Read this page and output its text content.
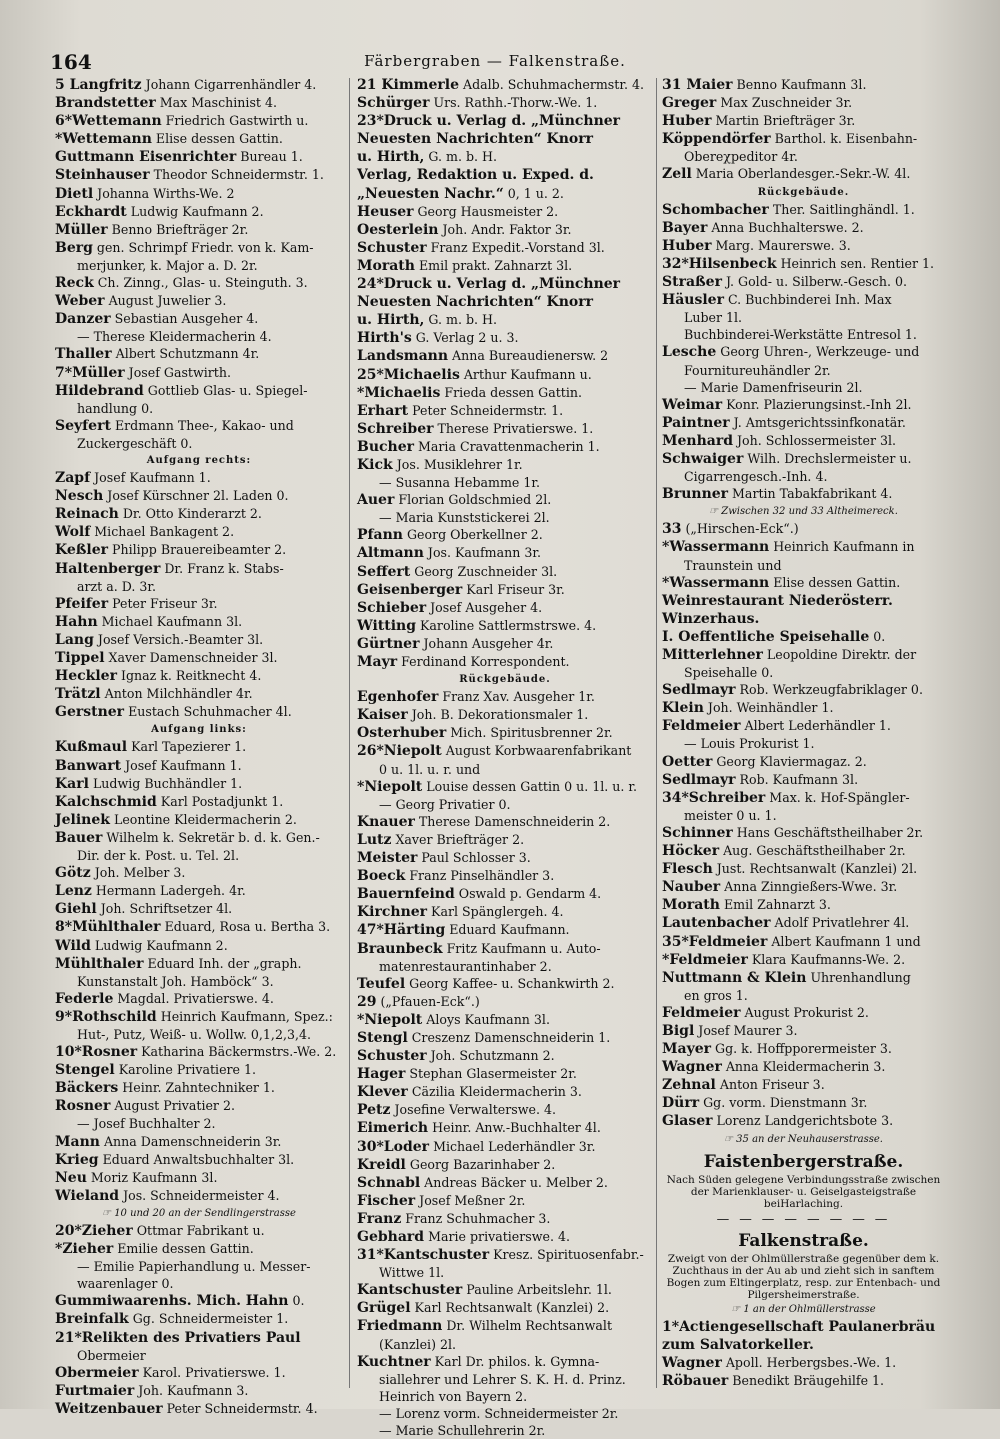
164	Färbergraben — Falkenstraße.
5 Langfritz Johann Cigarrenhändler 4.
Brandstetter Max Maschinist 4.
6*Wettemann Friedrich Gastwirth u.
*Wettemann Elise dessen Gattin.
Guttmann Eisenrichter Bureau 1.
Steinhauser Theodor Schneidermstr. 1.
Dietl Johanna Wirths-We. 2
Eckhardt Ludwig Kaufmann 2.
Müller Benno Briefträger 2r.
Berg gen. Schrimpf Friedr. von k. Kam-
merjunker, k. Major a. D. 2r.
Reck Ch. Zinng., Glas- u. Steinguth. 3.
Weber August Juwelier 3.
Danzer Sebastian Ausgeher 4.
— Therese Kleidermacherin 4.
Thaller Albert Schutzmann 4r.
7*Müller Josef Gastwirth.
Hildebrand Gottlieb Glas- u. Spiegel-
handlung 0.
Seyfert Erdmann Thee-, Kakao- und
Zuckergeschäft 0.
Aufgang rechts:
Zapf Josef Kaufmann 1.
Nesch Josef Kürschner 2l. Laden 0.
Reinach Dr. Otto Kinderarzt 2.
Wolf Michael Bankagent 2.
Keßler Philipp Brauereibeamter 2.
Haltenberger Dr. Franz k. Stabs-
arzt a. D. 3r.
Pfeifer Peter Friseur 3r.
Hahn Michael Kaufmann 3l.
Lang Josef Versich.-Beamter 3l.
Tippel Xaver Damenschneider 3l.
Heckler Ignaz k. Reitknecht 4.
Trätzl Anton Milchhändler 4r.
Gerstner Eustach Schuhmacher 4l.
Aufgang links:
Kußmaul Karl Tapezierer 1.
Banwart Josef Kaufmann 1.
Karl Ludwig Buchhändler 1.
Kalchschmid Karl Postadjunkt 1.
Jelinek Leontine Kleidermacherin 2.
Bauer Wilhelm k. Sekretär b. d. k. Gen.-
Dir. der k. Post. u. Tel. 2l.
Götz Joh. Melber 3.
Lenz Hermann Ladergeh. 4r.
Giehl Joh. Schriftsetzer 4l.
8*Mühlthaler Eduard, Rosa u. Bertha 3.
Wild Ludwig Kaufmann 2.
Mühlthaler Eduard Inh. der „graph.
Kunstanstalt Joh. Hamböck“ 3.
Federle Magdal. Privatierswe. 4.
9*Rothschild Heinrich Kaufmann, Spez.:
Hut-, Putz, Weiß- u. Wollw. 0,1,2,3,4.
10*Rosner Katharina Bäckermstrs.-We. 2.
Stengel Karoline Privatiere 1.
Bäckers Heinr. Zahntechniker 1.
Rosner August Privatier 2.
— Josef Buchhalter 2.
Mann Anna Damenschneiderin 3r.
Krieg Eduard Anwaltsbuchhalter 3l.
Neu Moriz Kaufmann 3l.
Wieland Jos. Schneidermeister 4.
☞ 10 und 20 an der Sendlingerstrasse
20*Zieher Ottmar Fabrikant u.
*Zieher Emilie dessen Gattin.
— Emilie Papierhandlung u. Messer-
waarenlager 0.
Gummiwaarenhs. Mich. Hahn 0.
Breinfalk Gg. Schneidermeister 1.
21*Relikten des Privatiers Paul
Obermeier
Obermeier Karol. Privatierswe. 1.
Furtmaier Joh. Kaufmann 3.
Weitzenbauer Peter Schneidermstr. 4.
21 Kimmerle Adalb. Schuhmachermstr. 4.
Schürger Urs. Rathh.-Thorw.-We. 1.
23*Druck u. Verlag d. „Münchner
Neuesten Nachrichten“ Knorr
u. Hirth, G. m. b. H.
Verlag, Redaktion u. Exped. d.
„Neuesten Nachr.“ 0, 1 u. 2.
Heuser Georg Hausmeister 2.
Oesterlein Joh. Andr. Faktor 3r.
Schuster Franz Expedit.-Vorstand 3l.
Morath Emil prakt. Zahnarzt 3l.
24*Druck u. Verlag d. „Münchner
Neuesten Nachrichten“ Knorr
u. Hirth, G. m. b. H.
Hirth's G. Verlag 2 u. 3.
Landsmann Anna Bureaudienersw. 2
25*Michaelis Arthur Kaufmann u.
*Michaelis Frieda dessen Gattin.
Erhart Peter Schneidermstr. 1.
Schreiber Therese Privatierswe. 1.
Bucher Maria Cravattenmacherin 1.
Kick Jos. Musiklehrer 1r.
— Susanna Hebamme 1r.
Auer Florian Goldschmied 2l.
— Maria Kunststickerei 2l.
Pfann Georg Oberkellner 2.
Altmann Jos. Kaufmann 3r.
Seffert Georg Zuschneider 3l.
Geisenberger Karl Friseur 3r.
Schieber Josef Ausgeher 4.
Witting Karoline Sattlermstrswe. 4.
Gürtner Johann Ausgeher 4r.
Mayr Ferdinand Korrespondent.
Rückgebäude.
Egenhofer Franz Xav. Ausgeher 1r.
Kaiser Joh. B. Dekorationsmaler 1.
Osterhuber Mich. Spiritusbrenner 2r.
26*Niepolt August Korbwaarenfabrikant
0 u. 1l. u. r. und
*Niepolt Louise dessen Gattin 0 u. 1l. u. r.
— Georg Privatier 0.
Knauer Therese Damenschneiderin 2.
Lutz Xaver Briefträger 2.
Meister Paul Schlosser 3.
Boeck Franz Pinselhändler 3.
Bauernfeind Oswald p. Gendarm 4.
Kirchner Karl Spänglergeh. 4.
47*Härting Eduard Kaufmann.
Braunbeck Fritz Kaufmann u. Auto-
matenrestaurantinhaber 2.
Teufel Georg Kaffee- u. Schankwirth 2.
29 („Pfauen-Eck“.)
*Niepolt Aloys Kaufmann 3l.
Stengl Creszenz Damenschneiderin 1.
Schuster Joh. Schutzmann 2.
Hager Stephan Glasermeister 2r.
Klever Cäzilia Kleidermacherin 3.
Petz Josefine Verwalterswe. 4.
Eimerich Heinr. Anw.-Buchhalter 4l.
30*Loder Michael Lederhändler 3r.
Kreidl Georg Bazarinhaber 2.
Schnabl Andreas Bäcker u. Melber 2.
Fischer Josef Meßner 2r.
Franz Franz Schuhmacher 3.
Gebhard Marie privatierswe. 4.
31*Kantschuster Kresz. Spirituosenfabr.-
Wittwe 1l.
Kantschuster Pauline Arbeitslehr. 1l.
Grügel Karl Rechtsanwalt (Kanzlei) 2.
Friedmann Dr. Wilhelm Rechtsanwalt
(Kanzlei) 2l.
Kuchtner Karl Dr. philos. k. Gymna-
siallehrer und Lehrer S. K. H. d. Prinz.
Heinrich von Bayern 2.
— Lorenz vorm. Schneidermeister 2r.
— Marie Schullehrerin 2r.
31 Maier Benno Kaufmann 3l.
Greger Max Zuschneider 3r.
Huber Martin Briefträger 3r.
Köppendörfer Barthol. k. Eisenbahn-
Obereχpeditor 4r.
Zell Maria Oberlandesger.-Sekr.-W. 4l.
Rückgebäude.
Schombacher Ther. Saitlinghändl. 1.
Bayer Anna Buchhalterswe. 2.
Huber Marg. Maurerswe. 3.
32*Hilsenbeck Heinrich sen. Rentier 1.
Straßer J. Gold- u. Silberw.-Gesch. 0.
Häusler C. Buchbinderei Inh. Max
Luber 1l.
Buchbinderei-Werkstätte Entresol 1.
Lesche Georg Uhren-, Werkzeuge- und
Fournitureuhändler 2r.
— Marie Damenfriseurin 2l.
Weimar Konr. Plazierungsinst.-Inh 2l.
Paintner J. Amtsgerichtssinfkonatär.
Menhard Joh. Schlossermeister 3l.
Schwaiger Wilh. Drechslermeister u.
Cigarrengesch.-Inh. 4.
Brunner Martin Tabakfabrikant 4.
☞ Zwischen 32 und 33 Altheimereck.
33 („Hirschen-Eck“.)
*Wassermann Heinrich Kaufmann in
Traunstein und
*Wassermann Elise dessen Gattin.
Weinrestaurant Niederösterr.
Winzerhaus.
I. Oeffentliche Speisehalle 0.
Mitterlehner Leopoldine Direktr. der
Speisehalle 0.
Sedlmayr Rob. Werkzeugfabriklager 0.
Klein Joh. Weinhändler 1.
Feldmeier Albert Lederhändler 1.
— Louis Prokurist 1.
Oetter Georg Klaviermagaz. 2.
Sedlmayr Rob. Kaufmann 3l.
34*Schreiber Max. k. Hof-Spängler-
meister 0 u. 1.
Schinner Hans Geschäftstheilhaber 2r.
Höcker Aug. Geschäftstheilhaber 2r.
Flesch Just. Rechtsanwalt (Kanzlei) 2l.
Nauber Anna Zinngießers-Wwe. 3r.
Morath Emil Zahnarzt 3.
Lautenbacher Adolf Privatlehrer 4l.
35*Feldmeier Albert Kaufmann 1 und
*Feldmeier Klara Kaufmanns-We. 2.
Nuttmann & Klein Uhrenhandlung
en gros 1.
Feldmeier August Prokurist 2.
Bigl Josef Maurer 3.
Mayer Gg. k. Hoffpporermeister 3.
Wagner Anna Kleidermacherin 3.
Zehnal Anton Friseur 3.
Dürr Gg. vorm. Dienstmann 3r.
Glaser Lorenz Landgerichtsbote 3.
☞ 35 an der Neuhauserstrasse.
Faistenbergerstraße.
Nach Süden gelegene Verbindungsstraße zwischen der Marienklauser- u. Geiselgasteigstraße beiHarlaching.
— — — — — — — —
Falkenstraße.
Zweigt von der Ohlmüllerstraße gegenüber dem k. Zuchthaus in der Au ab und zieht sich in sanftem Bogen zum Eltingerplatz, resp. zur Entenbach- und Pilgersheimerstraße.
☞ 1 an der Ohlmüllerstrasse
1*Actiengesellschaft Paulanerbräu
zum Salvatorkeller.
Wagner Apoll. Herbergsbes.-We. 1.
Röbauer Benedikt Bräugehilfe 1.
